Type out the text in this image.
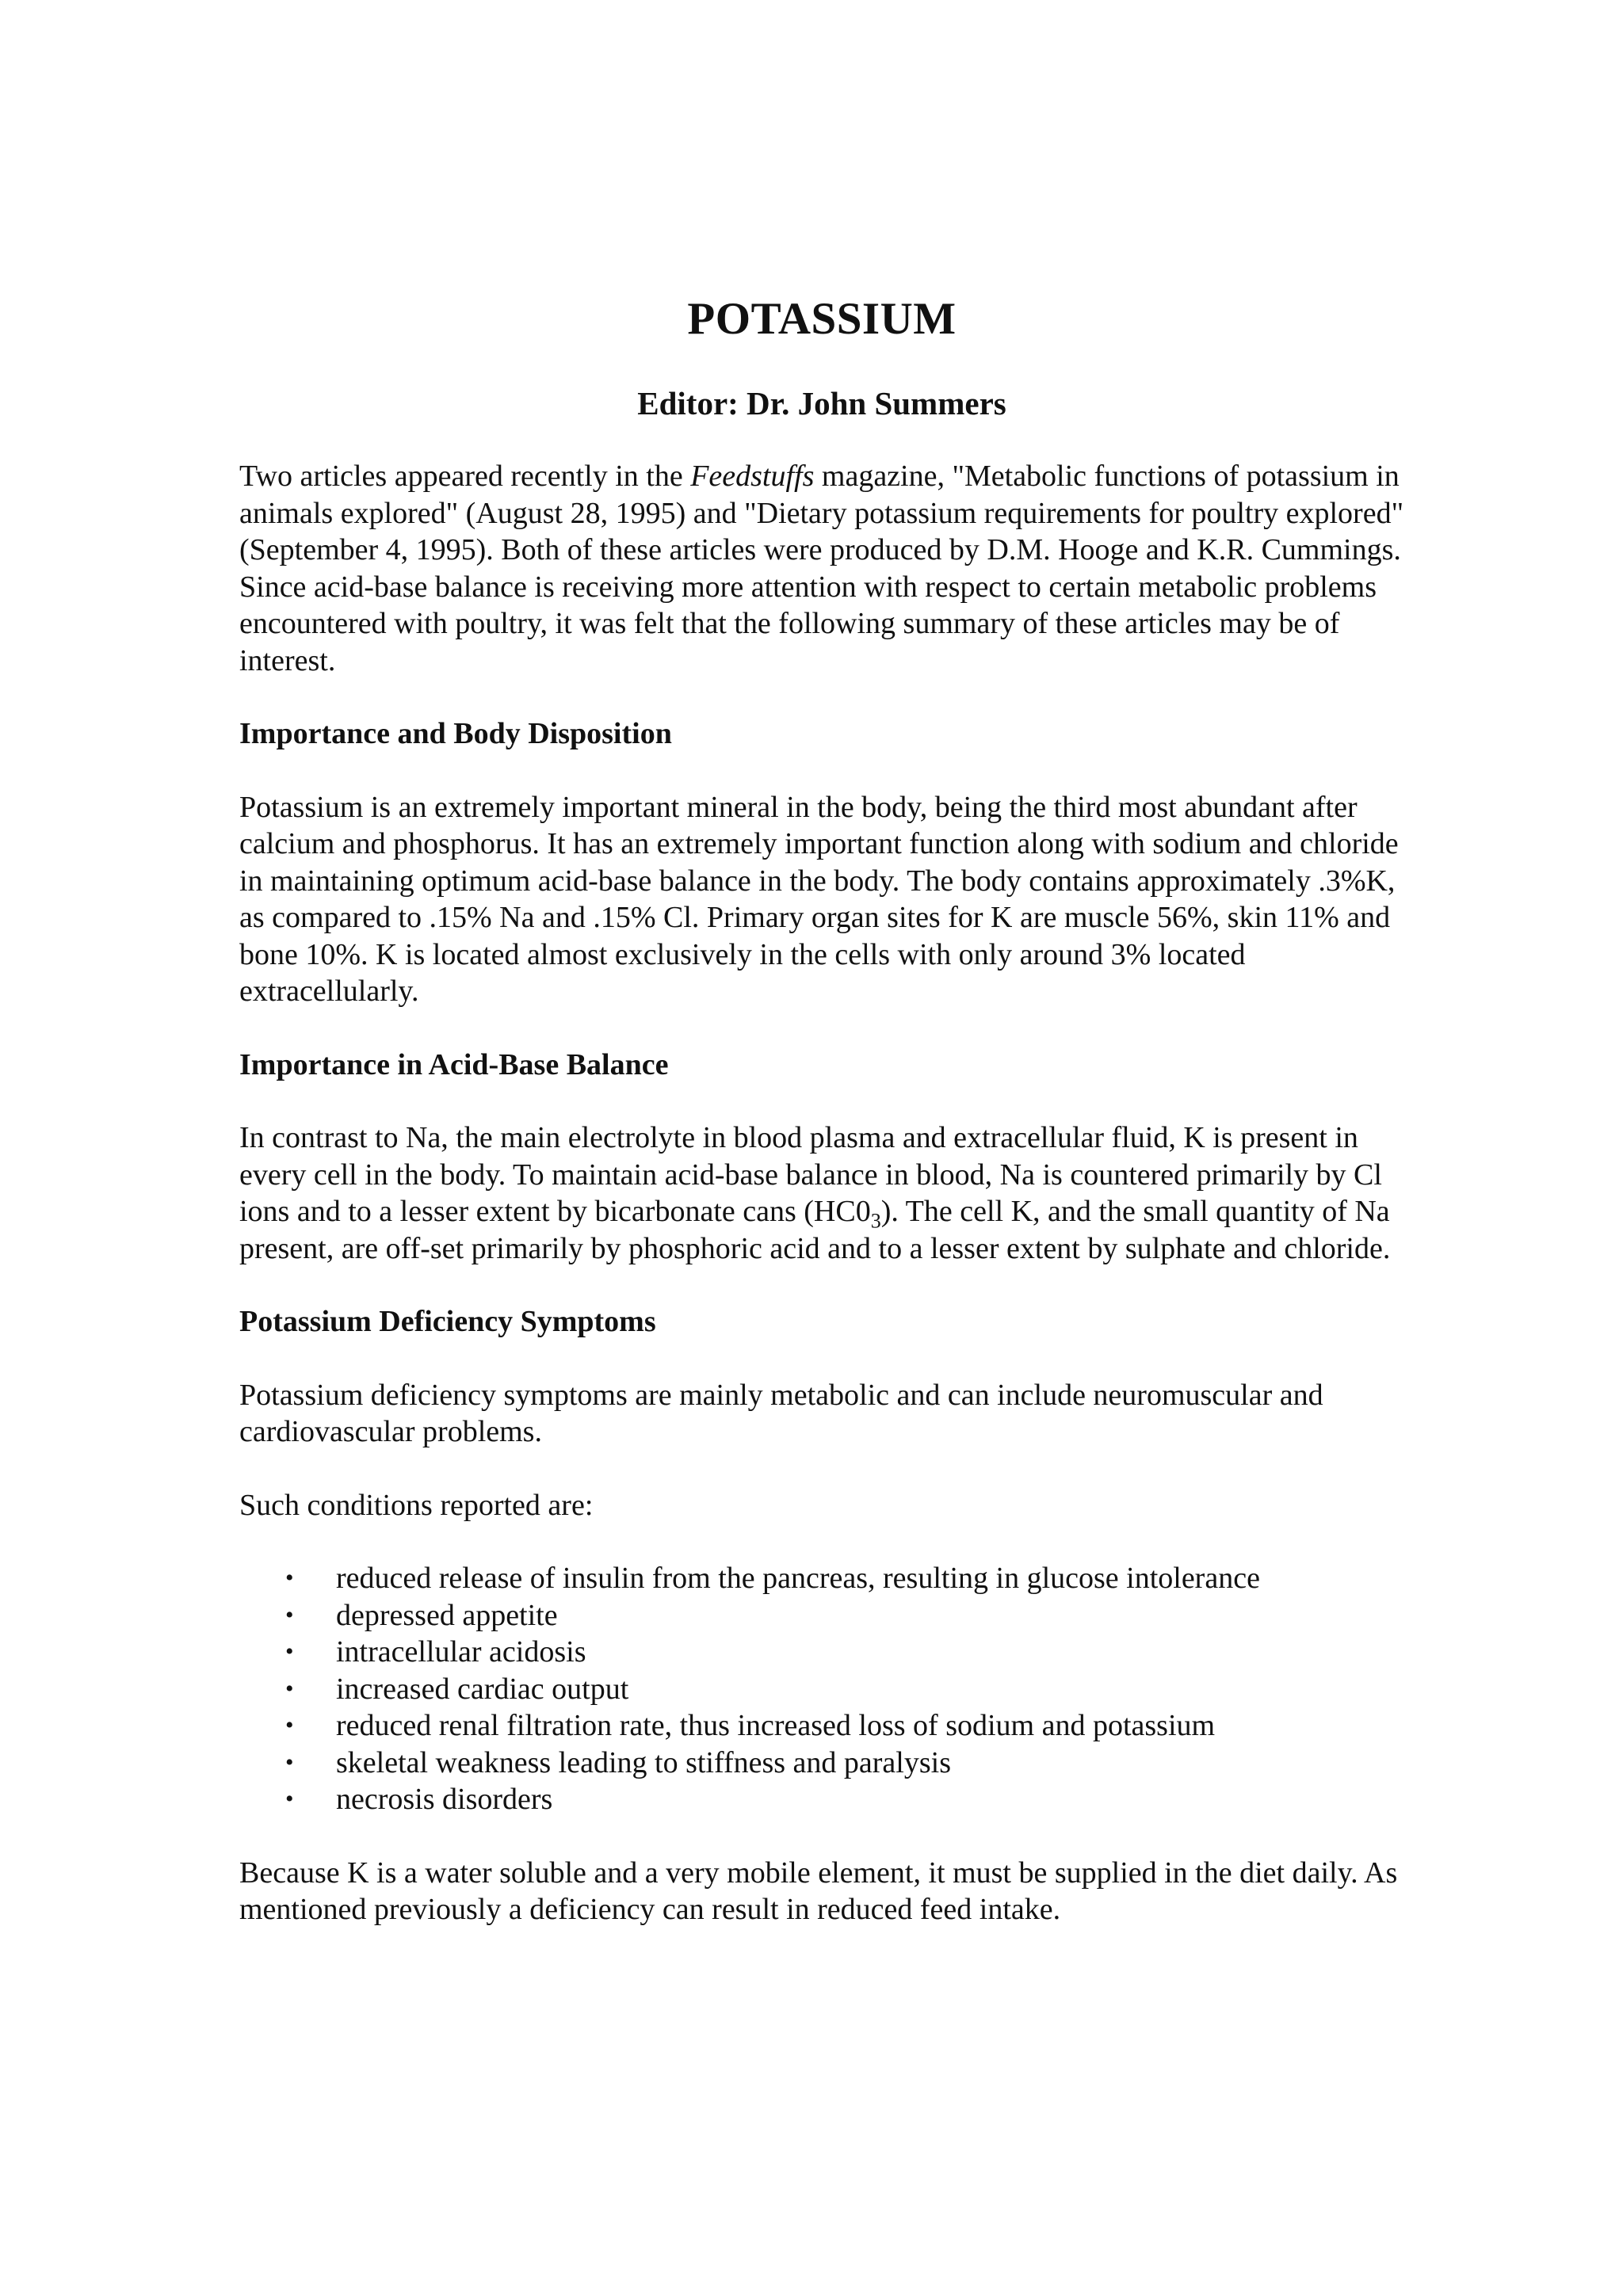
POTASSIUM
Editor: Dr. John Summers

Two articles appeared recently in the Feedstuffs magazine, "Metabolic functions of potassium in animals explored" (August 28, 1995) and "Dietary potassium requirements for poultry explored" (September 4, 1995). Both of these articles were produced by D.M. Hooge and K.R. Cummings. Since acid-base balance is receiving more attention with respect to certain metabolic problems encountered with poultry, it was felt that the following summary of these articles may be of interest.

Importance and Body Disposition

Potassium is an extremely important mineral in the body, being the third most abundant after calcium and phosphorus. It has an extremely important function along with sodium and chloride in maintaining optimum acid-base balance in the body. The body contains approximately .3%K, as compared to .15% Na and .15% Cl. Primary organ sites for K are muscle 56%, skin 11% and bone 10%. K is located almost exclusively in the cells with only around 3% located extracellularly.

Importance in Acid-Base Balance

In contrast to Na, the main electrolyte in blood plasma and extracellular fluid, K is present in every cell in the body. To maintain acid-base balance in blood, Na is countered primarily by Cl ions and to a lesser extent by bicarbonate cans $(HC0_3)$. The cell K, and the small quantity of Na present, are off-set primarily by phosphoric acid and to a lesser extent by sulphate and chloride.

Potassium Deficiency Symptoms

Potassium deficiency symptoms are mainly metabolic and can include neuromuscular and cardiovascular problems.

Such conditions reported are:

• reduced release of insulin from the pancreas, resulting in glucose intolerance
• depressed appetite
• intracellular acidosis
• increased cardiac output
• reduced renal filtration rate, thus increased loss of sodium and potassium
• skeletal weakness leading to stiffness and paralysis
• necrosis disorders

Because K is a water soluble and a very mobile element, it must be supplied in the diet daily. As mentioned previously a deficiency can result in reduced feed intake.
